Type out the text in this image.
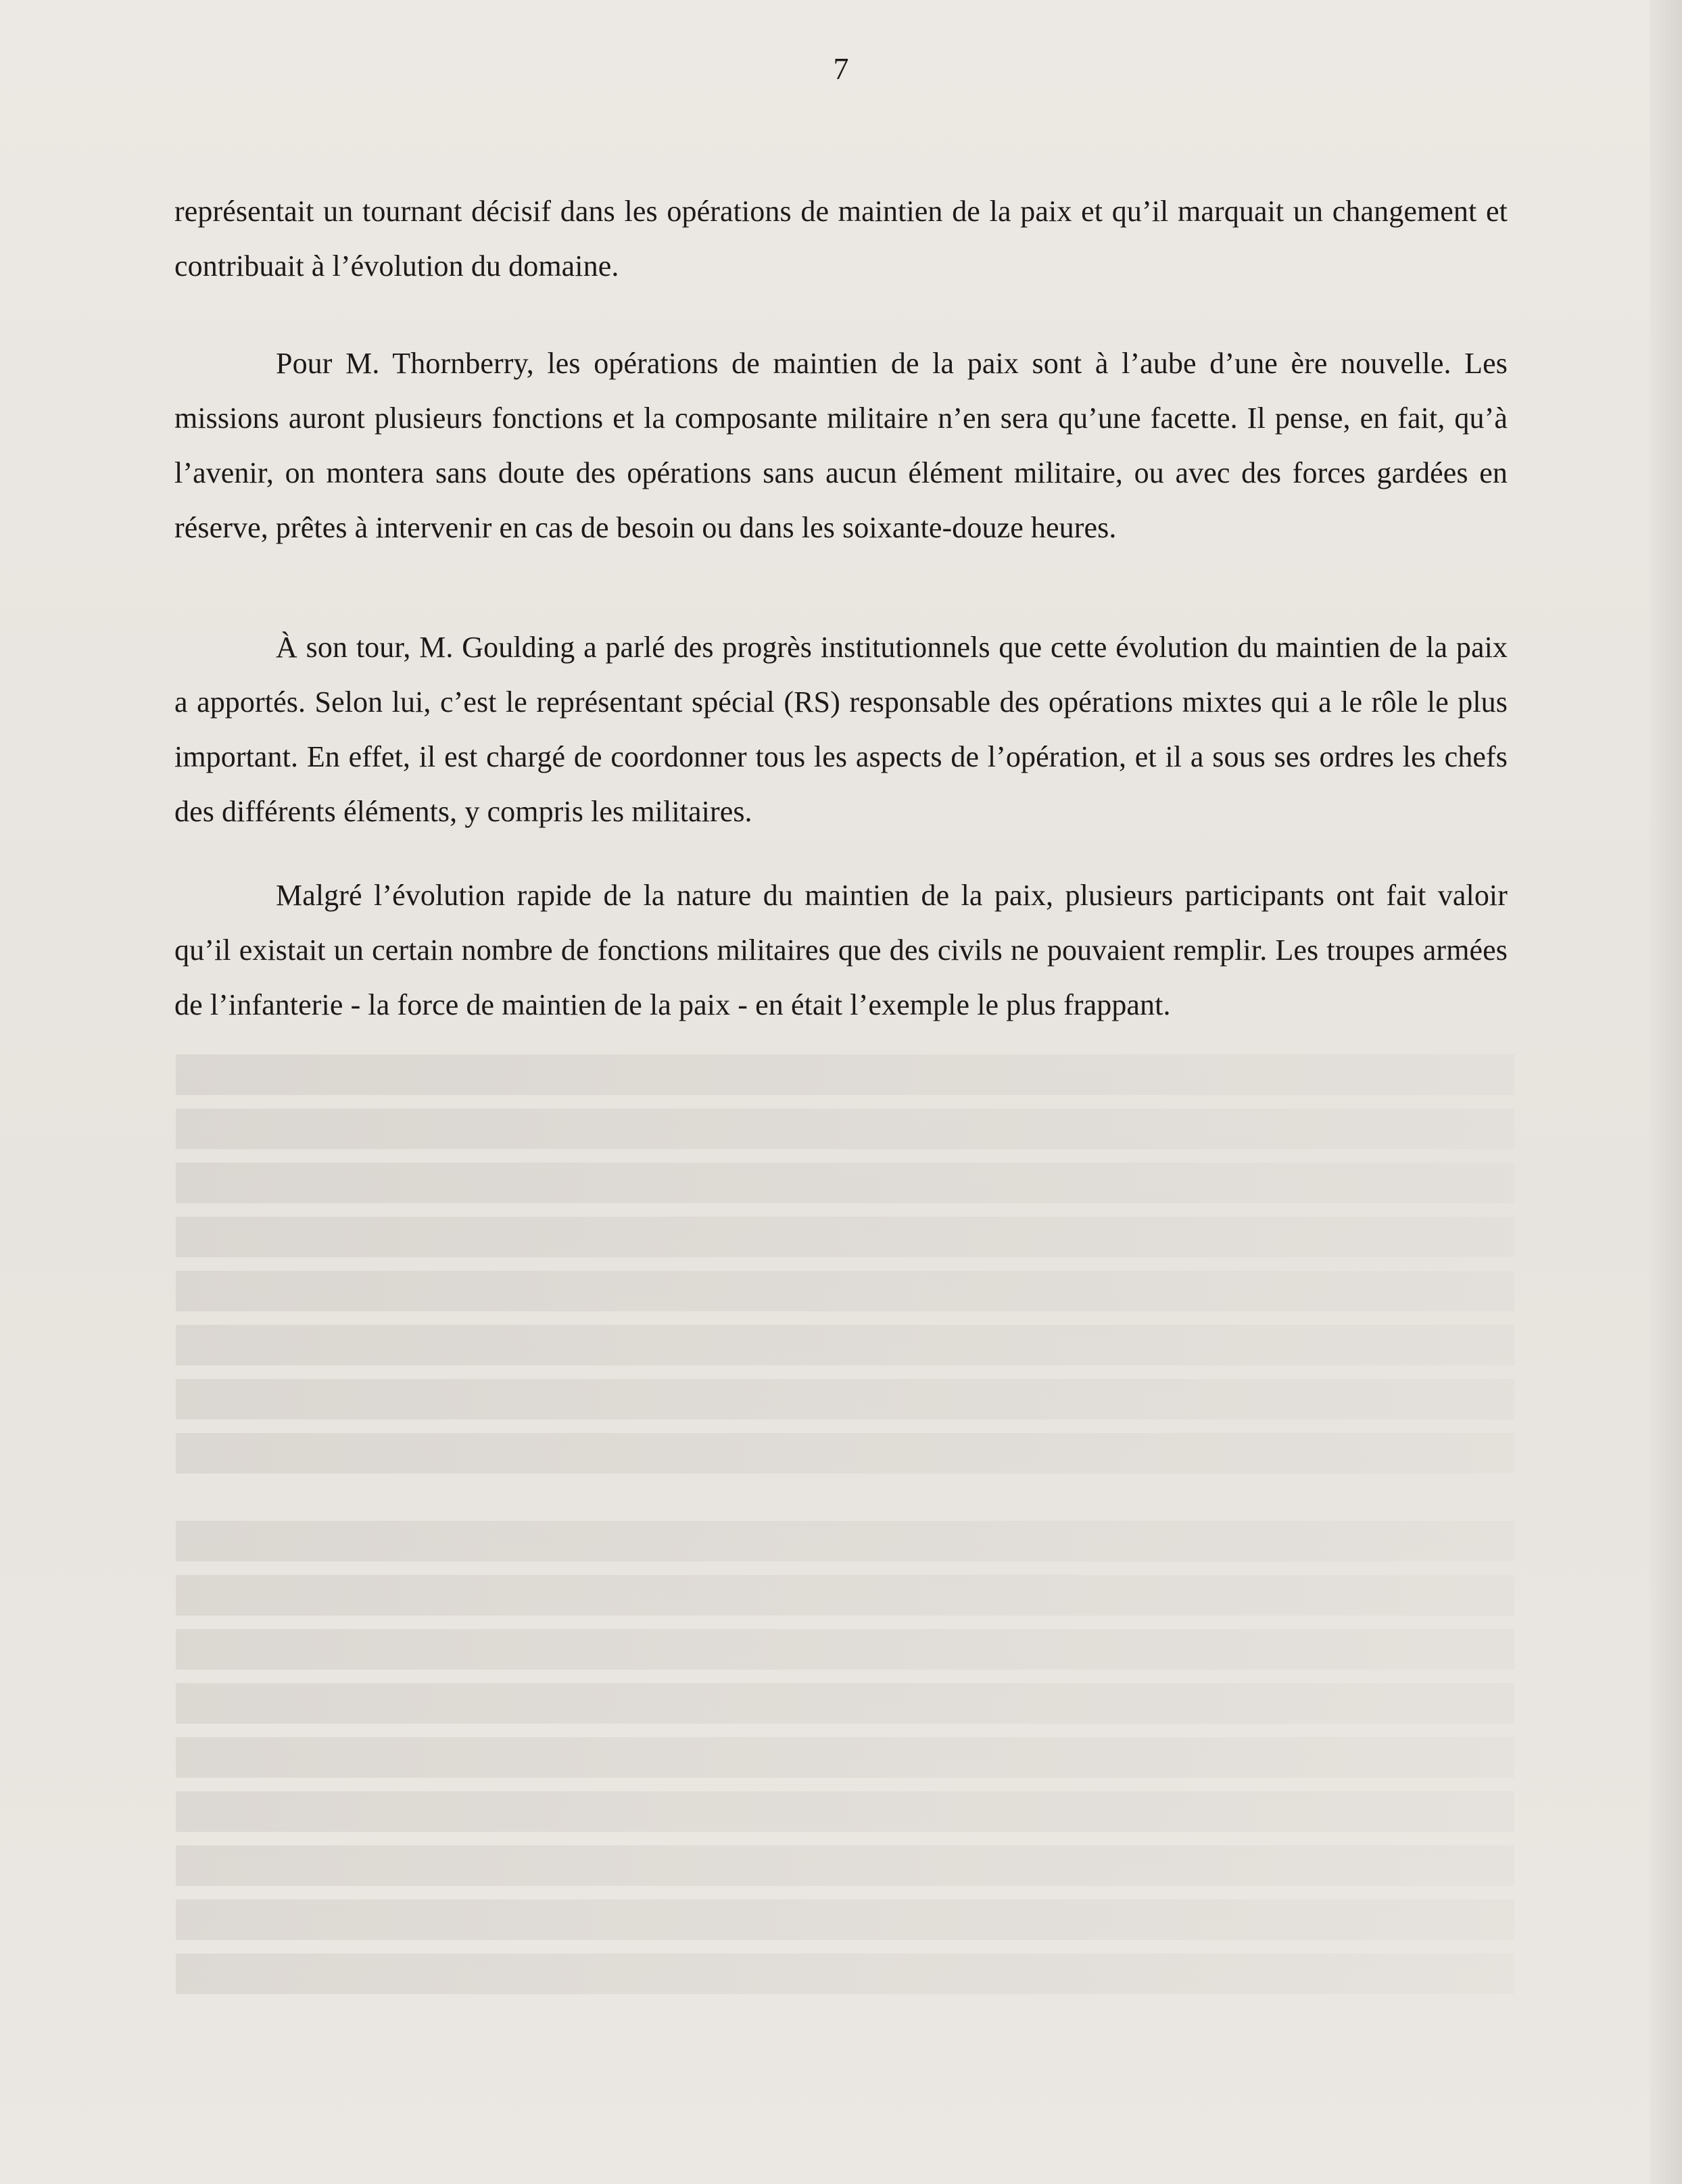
7

représentait un tournant décisif dans les opérations de maintien de la paix et qu’il marquait un changement et contribuait à l’évolution du domaine.

Pour M. Thornberry, les opérations de maintien de la paix sont à l’aube d’une ère nouvelle. Les missions auront plusieurs fonctions et la composante militaire n’en sera qu’une facette. Il pense, en fait, qu’à l’avenir, on montera sans doute des opérations sans aucun élément militaire, ou avec des forces gardées en réserve, prêtes à intervenir en cas de besoin ou dans les soixante-douze heures.

À son tour, M. Goulding a parlé des progrès institutionnels que cette évolution du maintien de la paix a apportés. Selon lui, c’est le représentant spécial (RS) responsable des opérations mixtes qui a le rôle le plus important. En effet, il est chargé de coordonner tous les aspects de l’opération, et il a sous ses ordres les chefs des différents éléments, y compris les militaires.

Malgré l’évolution rapide de la nature du maintien de la paix, plusieurs participants ont fait valoir qu’il existait un certain nombre de fonctions militaires que des civils ne pouvaient remplir. Les troupes armées de l’infanterie - la force de maintien de la paix - en était l’exemple le plus frappant.
